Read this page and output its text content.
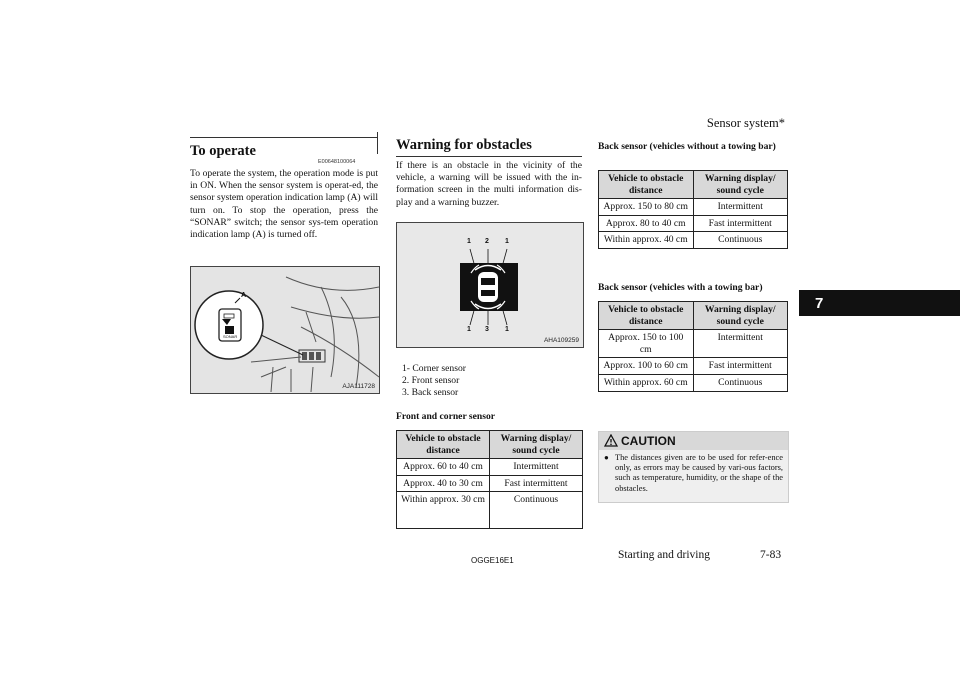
Sensor system*
7
To operate
E00648100064
To operate the system, the operation mode is put in ON. When the sensor system is operat-ed, the sensor system operation indication lamp (A) will turn on. To stop the operation, press the “SONAR” switch; the sensor sys-tem operation indication lamp (A) is turned off.
A
SONAR
AJA111728
Warning for obstacles
If there is an obstacle in the vicinity of the vehicle, a warning will be issued with the in-formation screen in the multi information dis-play and a warning buzzer.
1 2 1
1 3 1
AHA109259
1- Corner sensor
2. Front sensor
3. Back sensor
Front and corner sensor
Vehicle to obstacle distance	Warning display/ sound cycle
Approx. 60 to 40 cm	Intermittent
Approx. 40 to 30 cm	Fast intermittent
Within approx. 30 cm	Continuous
Back sensor (vehicles without a towing bar)
Vehicle to obstacle distance	Warning display/ sound cycle
Approx. 150 to 80 cm	Intermittent
Approx. 80 to 40 cm	Fast intermittent
Within approx. 40 cm	Continuous
Back sensor (vehicles with a towing bar)
Vehicle to obstacle distance	Warning display/ sound cycle
Approx. 150 to 100 cm	Intermittent
Approx. 100 to 60 cm	Fast intermittent
Within approx. 60 cm	Continuous
CAUTION
● The distances given are to be used for refer-ence only, as errors may be caused by vari-ous factors, such as temperature, humidity, or the shape of the obstacles.
OGGE16E1	Starting and driving	7-83
